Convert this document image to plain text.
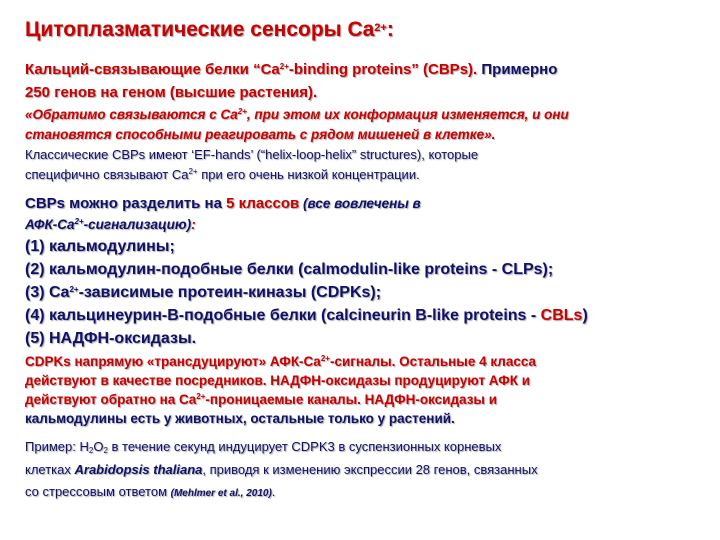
Цитоплазматические сенсоры $Ca^{2+}$:
Кальций-связывающие белки “$Ca^{2+}$-binding proteins” (CBPs). Примерно
250 генов на геном (высшие растения).
«Обратимо связываются с $Ca^{2+}$, при этом их конформация изменяется, и они
становятся способными реагировать с рядом мишеней в клетке».
Классические CBPs имеют ‘EF-hands’ (“helix-loop-helix” structures), которые
специфично связывают $Ca^{2+}$ при его очень низкой концентрации.
CBPs можно разделить на 5 классов (все вовлечены в
АФК-$Ca^{2+}-сигнализацию$):
(1) кальмодулины;
(2) кальмодулин-подобные белки (calmodulin-like proteins - CLPs);
(3) $Ca^{2+}$-зависимые протеин-киназы (CDPKs);
(4) кальцинеурин-B-подобные белки (calcineurin B-like proteins - CBLs)
(5) НАДФН-оксидазы.
CDPKs напрямую «трансдуцируют» АФК-$Ca^{2+}$-сигналы. Остальные 4 класса
действуют в качестве посредников. НАДФН-оксидазы продуцируют АФК и
действуют обратно на $Ca^{2+}$-проницаемые каналы. НАДФН-оксидазы и
кальмодулины есть у животных, остальные только у растений.
Пример: $H_2O_2$ в течение секунд индуцирует CDPK3 в суспензионных корневых
клетках Arabidopsis thaliana, приводя к изменению экспрессии 28 генов, связанных
со стрессовым ответом (Mehlmer et al., 2010).
